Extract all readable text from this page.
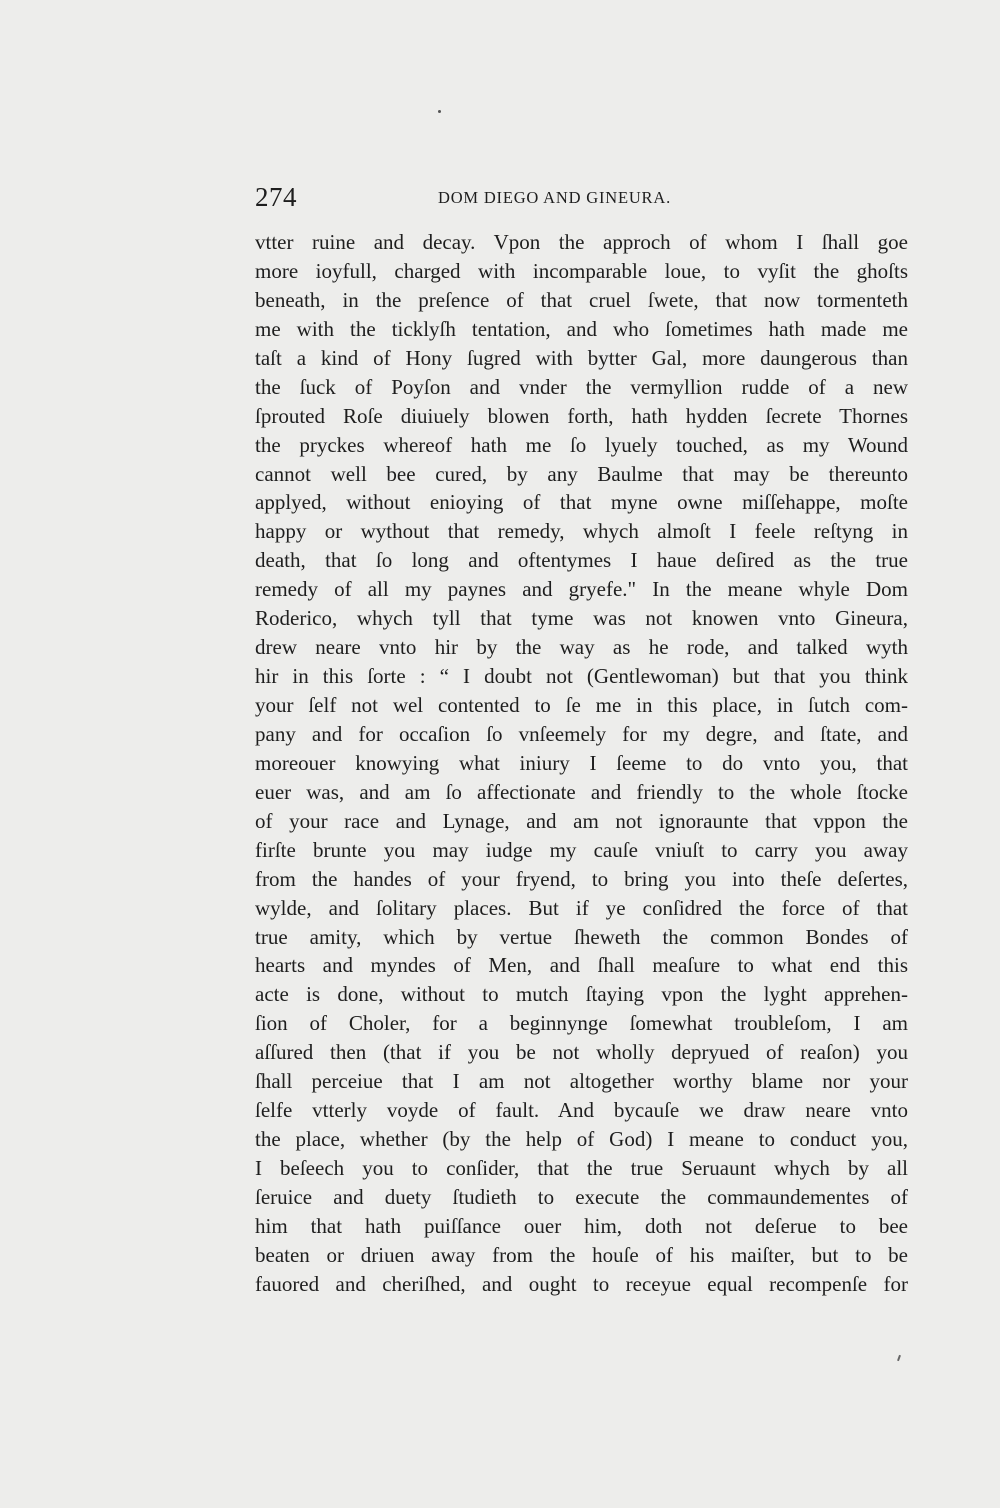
274	DOM DIEGO AND GINEURA.
vtter ruine and decay. Vpon the approch of whom I ſhall goe
more ioyfull, charged with incomparable loue, to vyſit the ghoſts
beneath, in the preſence of that cruel ſwete, that now tormenteth
me with the ticklyſh tentation, and who ſometimes hath made me
taſt a kind of Hony ſugred with bytter Gal, more daungerous than
the ſuck of Poyſon and vnder the vermyllion rudde of a new
ſprouted Roſe diuiuely blowen forth, hath hydden ſecrete Thornes
the pryckes whereof hath me ſo lyuely touched, as my Wound
cannot well bee cured, by any Baulme that may be thereunto
applyed, without enioying of that myne owne miſſehappe, moſte
happy or wythout that remedy, whych almoſt I feele reſtyng in
death, that ſo long and oftentymes I haue deſired as the true
remedy of all my paynes and gryefe." In the meane whyle Dom
Roderico, whych tyll that tyme was not knowen vnto Gineura,
drew neare vnto hir by the way as he rode, and talked wyth
hir in this ſorte : “ I doubt not (Gentlewoman) but that you think
your ſelf not wel contented to ſe me in this place, in ſutch com-
pany and for occaſion ſo vnſeemely for my degre, and ſtate, and
moreouer knowying what iniury I ſeeme to do vnto you, that
euer was, and am ſo affectionate and friendly to the whole ſtocke
of your race and Lynage, and am not ignoraunte that vppon the
firſte brunte you may iudge my cauſe vniuſt to carry you away
from the handes of your fryend, to bring you into theſe deſertes,
wylde, and ſolitary places. But if ye conſidred the force of that
true amity, which by vertue ſheweth the common Bondes of
hearts and myndes of Men, and ſhall meaſure to what end this
acte is done, without to mutch ſtaying vpon the lyght apprehen-
ſion of Choler, for a beginnynge ſomewhat troubleſom, I am
aſſured then (that if you be not wholly depryued of reaſon) you
ſhall perceiue that I am not altogether worthy blame nor your
ſelfe vtterly voyde of fault. And bycauſe we draw neare vnto
the place, whether (by the help of God) I meane to conduct you,
I beſeech you to conſider, that the true Seruaunt whych by all
ſeruice and duety ſtudieth to execute the commaundementes of
him that hath puiſſance ouer him, doth not deſerue to bee
beaten or driuen away from the houſe of his maiſter, but to be
fauored and cheriſhed, and ought to receyue equal recompenſe for
